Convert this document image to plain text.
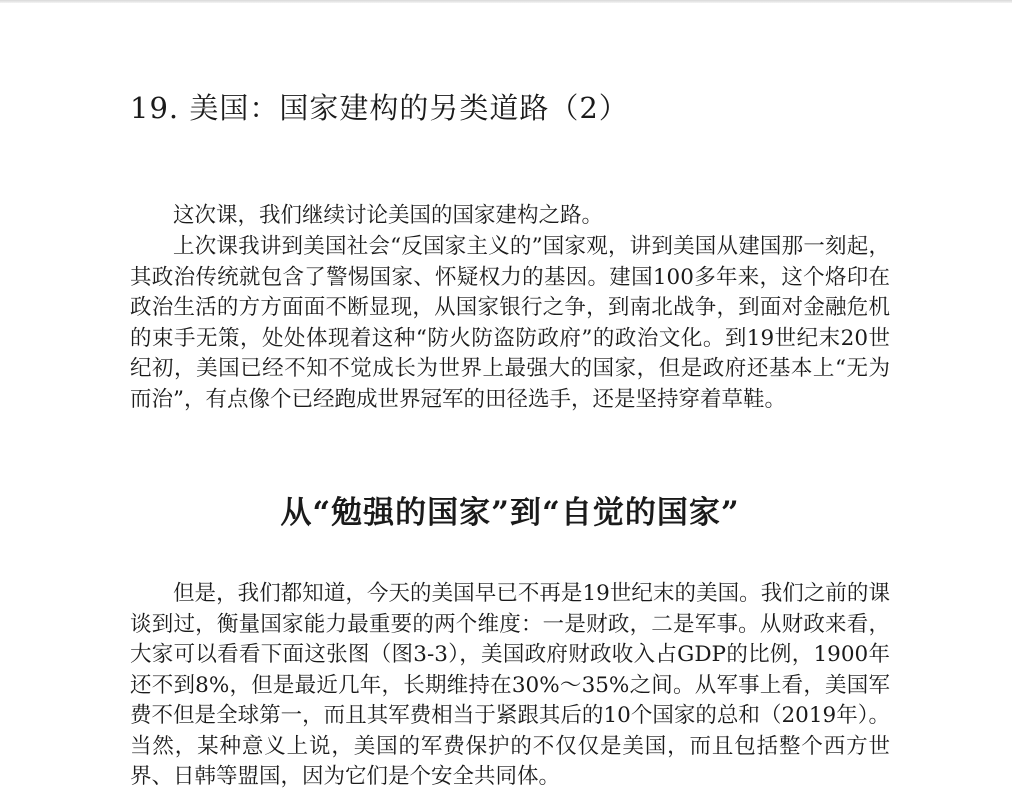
19. 美国：国家建构的另类道路（2）

这次课，我们继续讨论美国的国家建构之路。

上次课我讲到美国社会“反国家主义的”国家观，讲到美国从建国那一刻起，其政治传统就包含了警惕国家、怀疑权力的基因。建国100多年来，这个烙印在政治生活的方方面面不断显现，从国家银行之争，到南北战争，到面对金融危机的束手无策，处处体现着这种“防火防盗防政府”的政治文化。到19世纪末20世纪初，美国已经不知不觉成长为世界上最强大的国家，但是政府还基本上“无为而治”，有点像个已经跑成世界冠军的田径选手，还是坚持穿着草鞋。

从“勉强的国家”到“自觉的国家”

但是，我们都知道，今天的美国早已不再是19世纪末的美国。我们之前的课谈到过，衡量国家能力最重要的两个维度：一是财政，二是军事。从财政来看，大家可以看看下面这张图（图3-3），美国政府财政收入占GDP的比例，1900年还不到8%，但是最近几年，长期维持在30%～35%之间。从军事上看，美国军费不但是全球第一，而且其军费相当于紧跟其后的10个国家的总和（2019年）。当然，某种意义上说，美国的军费保护的不仅仅是美国，而且包括整个西方世界、日韩等盟国，因为它们是个安全共同体。
